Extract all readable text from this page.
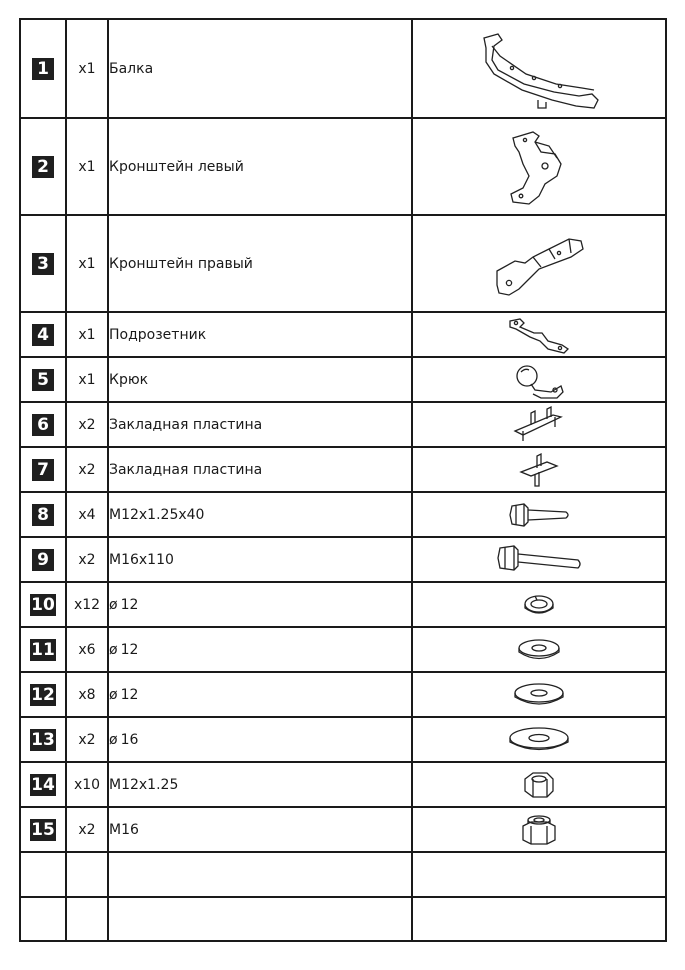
1	x1	Балка	

2	x1	Кронштейн левый	

3	x1	Кронштейн правый	

4	x1	Подрозетник	

5	x1	Крюк	

6	x2	Закладная пластина	

7	x2	Закладная пластина	

8	x4	M12x1.25x40	

9	x2	M16x110	

10	x12	ø 12	

11	x6	ø 12	

12	x8	ø 12	

13	x2	ø 16	

14	x10	M12x1.25	

15	x2	M16	
